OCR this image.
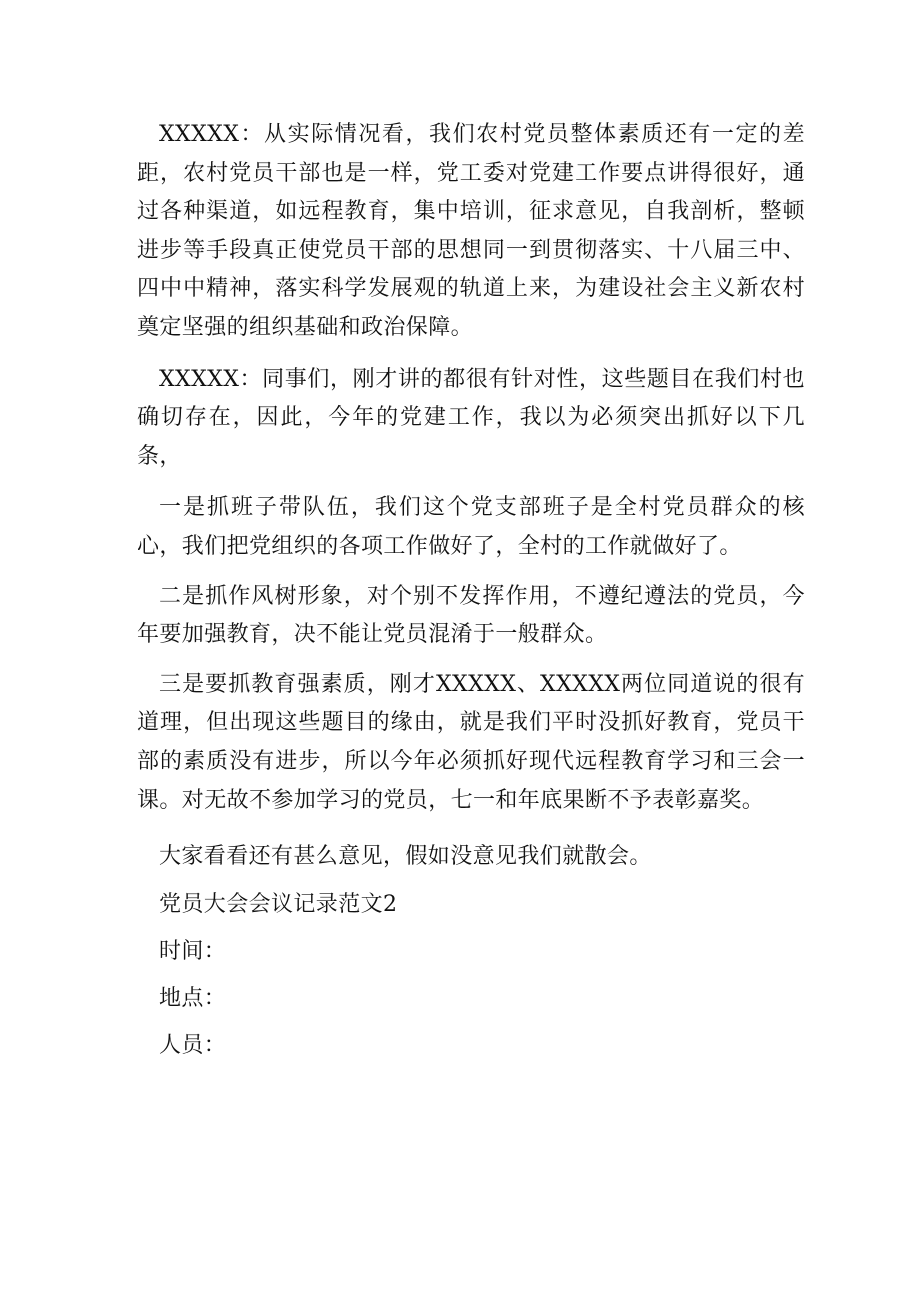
XXXXX：从实际情况看，我们农村党员整体素质还有一定的差距，农村党员干部也是一样，党工委对党建工作要点讲得很好，通过各种渠道，如远程教育，集中培训，征求意见，自我剖析，整顿进步等手段真正使党员干部的思想同一到贯彻落实、十八届三中、四中中精神，落实科学发展观的轨道上来，为建设社会主义新农村奠定坚强的组织基础和政治保障。

XXXXX：同事们，刚才讲的都很有针对性，这些题目在我们村也确切存在，因此，今年的党建工作，我以为必须突出抓好以下几条，

一是抓班子带队伍，我们这个党支部班子是全村党员群众的核心，我们把党组织的各项工作做好了，全村的工作就做好了。

二是抓作风树形象，对个别不发挥作用，不遵纪遵法的党员，今年要加强教育，决不能让党员混淆于一般群众。

三是要抓教育强素质，刚才XXXXX、XXXXX两位同道说的很有道理，但出现这些题目的缘由，就是我们平时没抓好教育，党员干部的素质没有进步，所以今年必须抓好现代远程教育学习和三会一课。对无故不参加学习的党员，七一和年底果断不予表彰嘉奖。

大家看看还有甚么意见，假如没意见我们就散会。

党员大会会议记录范文2

时间：

地点：

人员：
